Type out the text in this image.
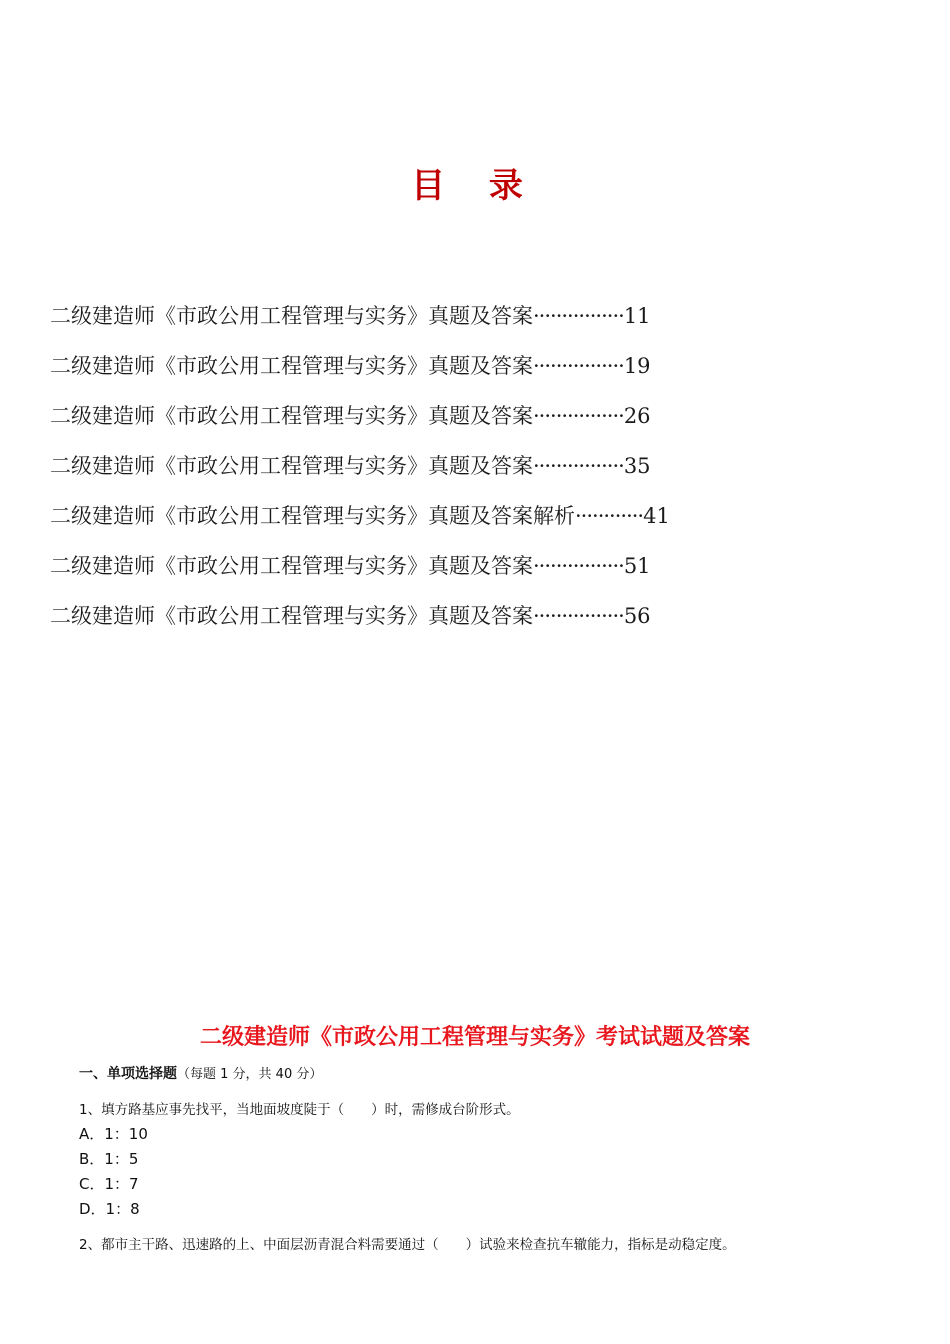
目 录
二级建造师《市政公用工程管理与实务》真题及答案················11
二级建造师《市政公用工程管理与实务》真题及答案················19
二级建造师《市政公用工程管理与实务》真题及答案················26
二级建造师《市政公用工程管理与实务》真题及答案················35
二级建造师《市政公用工程管理与实务》真题及答案解析············41
二级建造师《市政公用工程管理与实务》真题及答案················51
二级建造师《市政公用工程管理与实务》真题及答案················56
二级建造师《市政公用工程管理与实务》考试试题及答案
一、单项选择题（每题 1 分，共 40 分）
1、填方路基应事先找平，当地面坡度陡于（　　）时，需修成台阶形式。
A．1：10
B．1：5
C．1：7
D．1：8
2、都市主干路、迅速路的上、中面层沥青混合料需要通过（　　）试验来检查抗车辙能力，指标是动稳定度。
